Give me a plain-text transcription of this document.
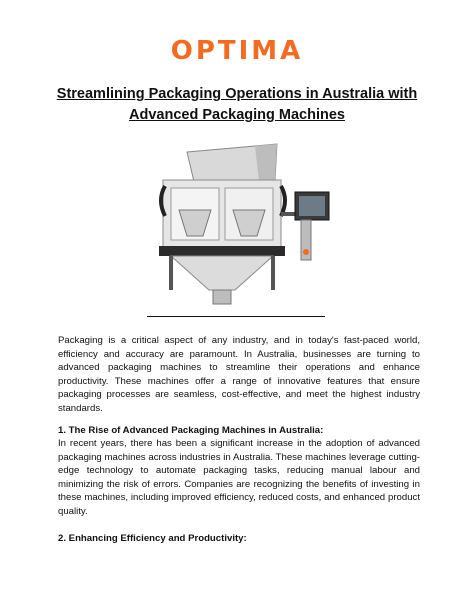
OPTIMA
Streamlining Packaging Operations in Australia with
Advanced Packaging Machines
Packaging is a critical aspect of any industry, and in today's fast-paced world, efficiency and accuracy are paramount. In Australia, businesses are turning to advanced packaging machines to streamline their operations and enhance productivity. These machines offer a range of innovative features that ensure packaging processes are seamless, cost-effective, and meet the highest industry standards.
1. The Rise of Advanced Packaging Machines in Australia:
In recent years, there has been a significant increase in the adoption of advanced packaging machines across industries in Australia. These machines leverage cutting-edge technology to automate packaging tasks, reducing manual labour and minimizing the risk of errors. Companies are recognizing the benefits of investing in these machines, including improved efficiency, reduced costs, and enhanced product quality.
2. Enhancing Efficiency and Productivity:
